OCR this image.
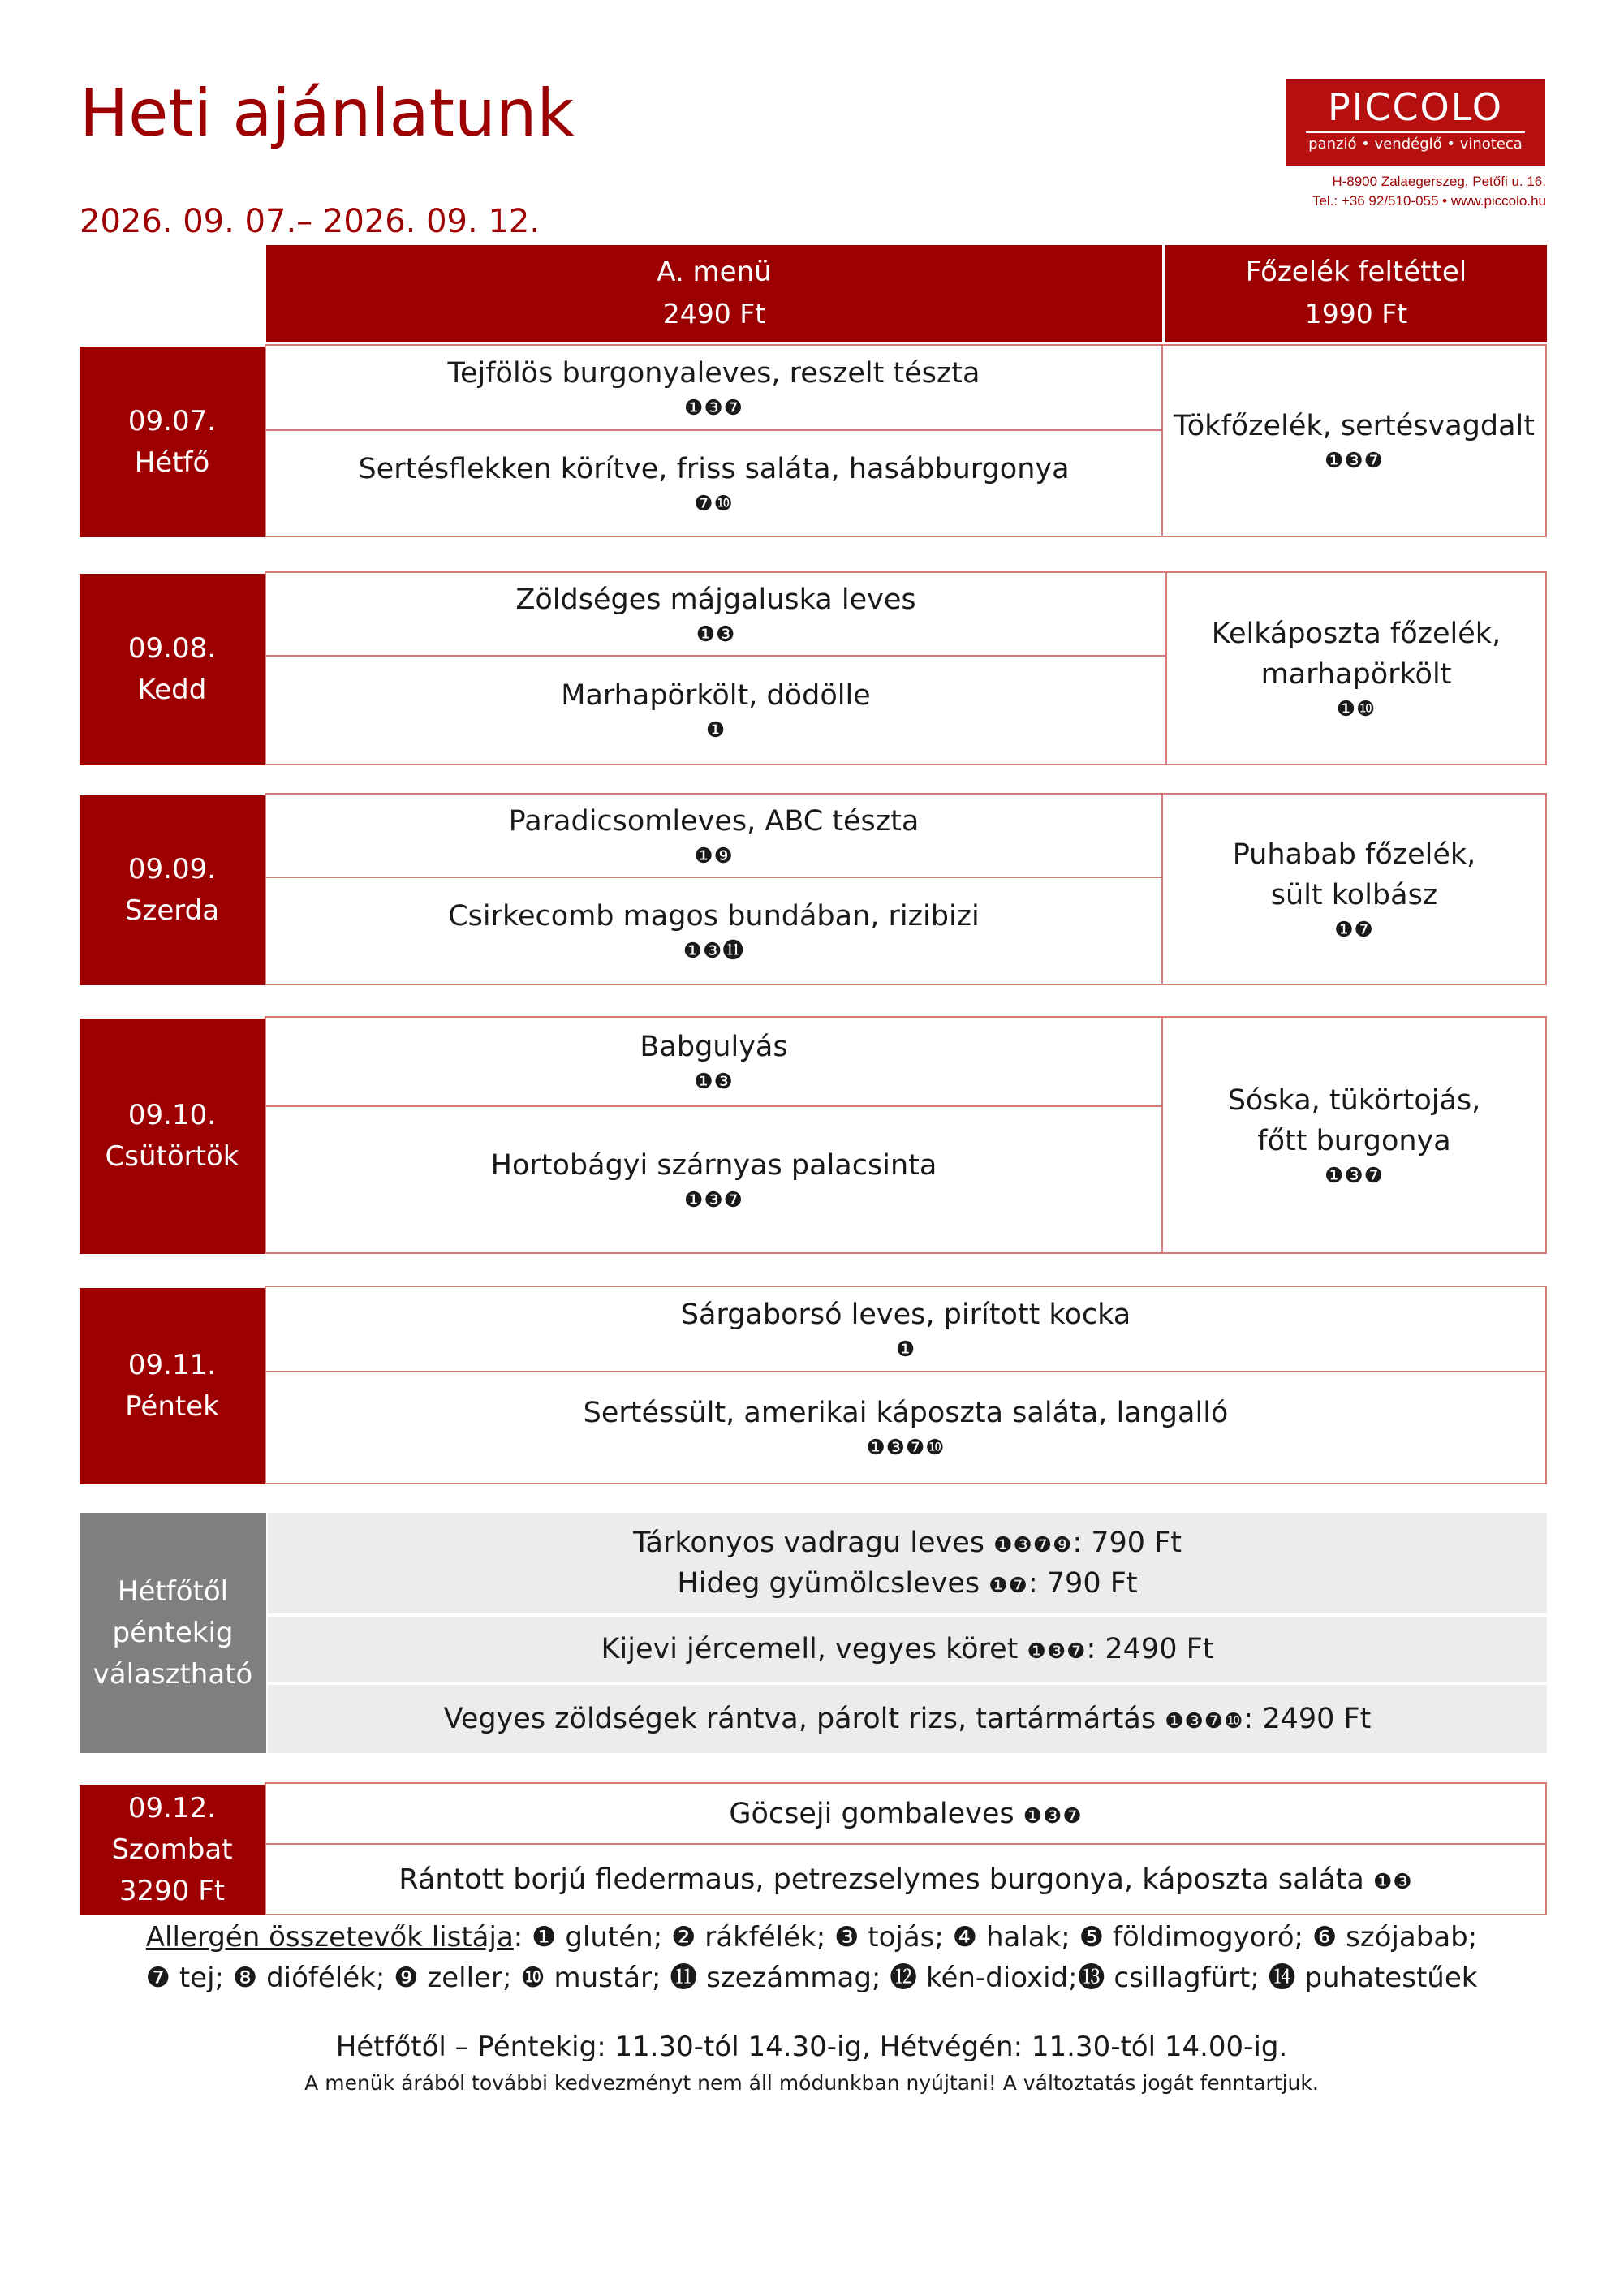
Heti ajánlatunk
2026. 09. 07.– 2026. 09. 12.
PICCOLO
panzió • vendéglő • vinoteca
H-8900 Zalaegerszeg, Petőfi u. 16.
Tel.: +36 92/510-055 • www.piccolo.hu
A. menü
2490 Ft
Főzelék feltéttel
1990 Ft
09.07.
Hétfő
Tejfölös burgonyaleves, reszelt tészta
❶❸❼
Sertésflekken körítve, friss saláta, hasábburgonya
❼❿
Tökfőzelék, sertésvagdalt
❶❸❼
09.08.
Kedd
Zöldséges májgaluska leves
❶❸
Marhapörkölt, dödölle
❶
Kelkáposzta főzelék,
marhapörkölt
❶❿
09.09.
Szerda
Paradicsomleves, ABC tészta
❶❾
Csirkecomb magos bundában, rizibizi
❶❸⓫
Puhabab főzelék,
sült kolbász
❶❼
09.10.
Csütörtök
Babgulyás
❶❸
Hortobágyi szárnyas palacsinta
❶❸❼
Sóska, tükörtojás,
főtt burgonya
❶❸❼
09.11.
Péntek
Sárgaborsó leves, pirított kocka
❶
Sertéssült, amerikai káposzta saláta, langalló
❶❸❼❿
Hétfőtől
péntekig
választható
Tárkonyos vadragu leves ❶❸❼❾: 790 Ft
Hideg gyümölcsleves ❶❼: 790 Ft
Kijevi jércemell, vegyes köret ❶❸❼: 2490 Ft
Vegyes zöldségek rántva, párolt rizs, tartármártás ❶❸❼❿: 2490 Ft
09.12.
Szombat
3290 Ft
Göcseji gombaleves ❶❸❼
Rántott borjú fledermaus, petrezselymes burgonya, káposzta saláta ❶❸
Allergén összetevők listája: ❶ glutén; ❷ rákfélék; ❸ tojás; ❹ halak; ❺ földimogyoró; ❻ szójabab;
❼ tej; ❽ diófélék; ❾ zeller; ❿ mustár; ⓫ szezámmag; ⓬ kén-dioxid;⓭ csillagfürt; ⓮ puhatestűek
Hétfőtől – Péntekig: 11.30-tól 14.30-ig, Hétvégén: 11.30-tól 14.00-ig.
A menük árából további kedvezményt nem áll módunkban nyújtani! A változtatás jogát fenntartjuk.
